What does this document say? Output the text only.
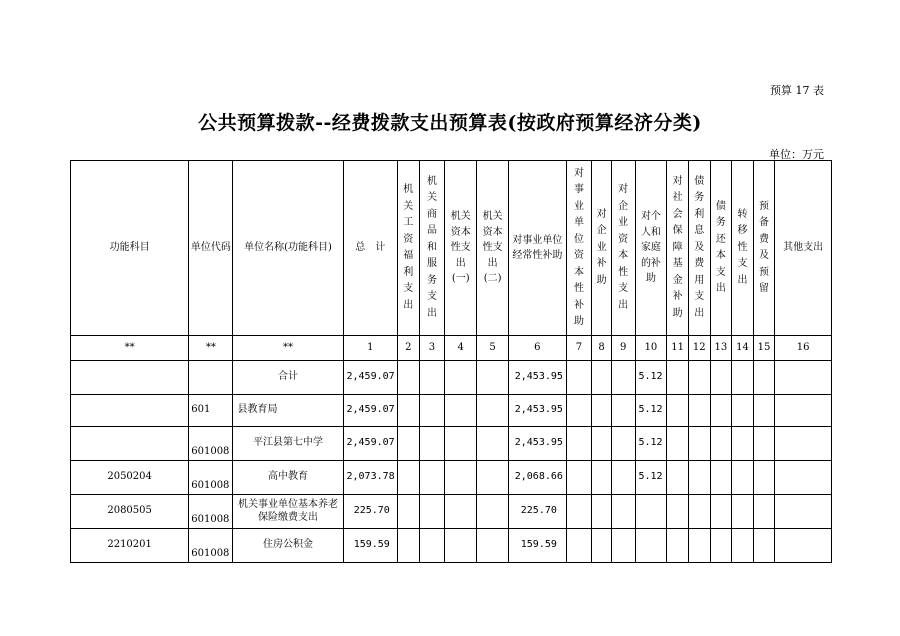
预算 17 表
公共预算拨款--经费拨款支出预算表(按政府预算经济分类)
单位：万元
功能科目	单位代码	单位名称(功能科目)	总　计	机关工资福利支出	机关商品和服务支出	机关资本性支出(一)	机关资本性支出(二)	对事业单位经常性补助	对事业单位资本性补助	对企业补助	对企业资本性支出	对个人和家庭的补助	对社会保障基金补助	债务利息及费用支出	债务还本支出	转移性支出	预备费及预留	其他支出
**	**	**	1	2	3	4	5	6	7	8	9	10	11	12	13	14	15	16
		合计	2,459.07					2,453.95				5.12						
	601	县教育局	2,459.07					2,453.95				5.12						
	601008	平江县第七中学	2,459.07					2,453.95				5.12						
2050204	601008	高中教育	2,073.78					2,068.66				5.12						
2080505	601008	机关事业单位基本养老保险缴费支出	225.70					225.70										
2210201	601008	住房公积金	159.59					159.59										
